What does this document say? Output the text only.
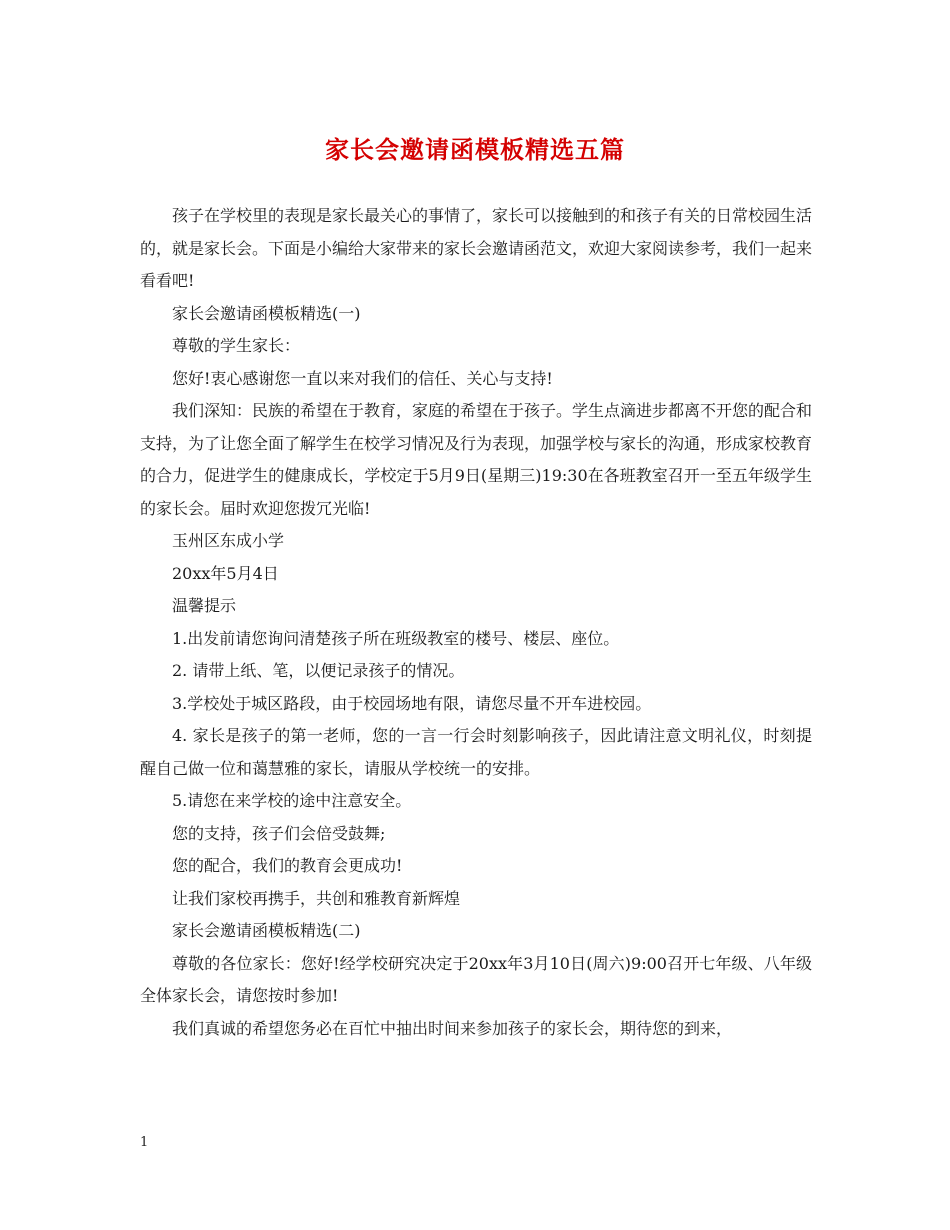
家长会邀请函模板精选五篇

孩子在学校里的表现是家长最关心的事情了，家长可以接触到的和孩子有关的日常校园生活的，就是家长会。下面是小编给大家带来的家长会邀请函范文，欢迎大家阅读参考，我们一起来看看吧!

家长会邀请函模板精选(一)

尊敬的学生家长：

您好!衷心感谢您一直以来对我们的信任、关心与支持!

我们深知：民族的希望在于教育，家庭的希望在于孩子。学生点滴进步都离不开您的配合和支持，为了让您全面了解学生在校学习情况及行为表现，加强学校与家长的沟通，形成家校教育的合力，促进学生的健康成长，学校定于5月9日(星期三)19:30在各班教室召开一至五年级学生的家长会。届时欢迎您拨冗光临!

玉州区东成小学

20xx年5月4日

温馨提示

1.出发前请您询问清楚孩子所在班级教室的楼号、楼层、座位。

2. 请带上纸、笔，以便记录孩子的情况。

3.学校处于城区路段，由于校园场地有限，请您尽量不开车进校园。

4. 家长是孩子的第一老师，您的一言一行会时刻影响孩子，因此请注意文明礼仪，时刻提醒自己做一位和蔼慧雅的家长，请服从学校统一的安排。

5.请您在来学校的途中注意安全。

您的支持，孩子们会倍受鼓舞;

您的配合，我们的教育会更成功!

让我们家校再携手，共创和雅教育新辉煌

家长会邀请函模板精选(二)

尊敬的各位家长：您好!经学校研究决定于20xx年3月10日(周六)9:00召开七年级、八年级全体家长会，请您按时参加!

我们真诚的希望您务必在百忙中抽出时间来参加孩子的家长会，期待您的到来，

1
